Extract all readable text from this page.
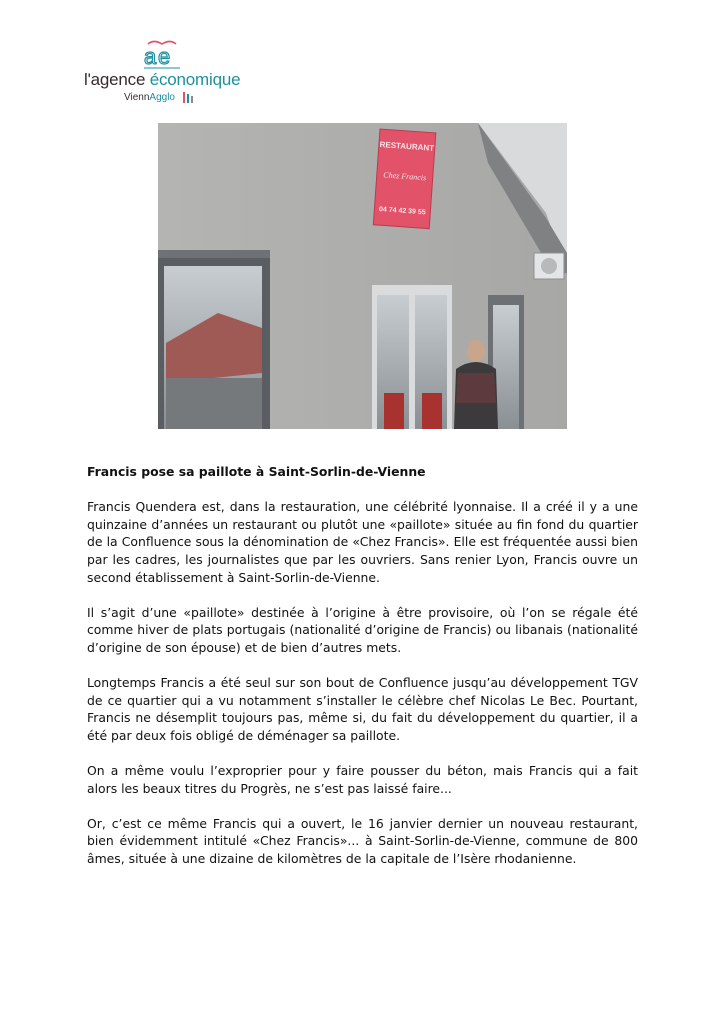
a e
l'agence économique
ViennAgglo
RESTAURANT
Chez Francis
04 74 42 39 55
Francis pose sa paillote à Saint-Sorlin-de-Vienne

Francis Quendera est, dans la restauration, une célébrité lyonnaise. Il a créé il y a une quinzaine d’années un restaurant ou plutôt une «paillote» située au fin fond du quartier de la Confluence sous la dénomination de «Chez Francis». Elle est fréquentée aussi bien par les cadres, les journalistes que par les ouvriers. Sans renier Lyon, Francis ouvre un second établissement à Saint-Sorlin-de-Vienne.

Il s’agit d’une «paillote» destinée à l’origine à être provisoire, où l’on se régale été comme hiver de plats portugais (nationalité d’origine de Francis) ou libanais (nationalité d’origine de son épouse) et de bien d’autres mets.

Longtemps Francis a été seul sur son bout de Confluence jusqu’au développement TGV de ce quartier qui a vu notamment s’installer le célèbre chef Nicolas Le Bec. Pourtant, Francis ne désemplit toujours pas, même si, du fait du développement du quartier, il a été par deux fois obligé de déménager sa paillote.

On a même voulu l’exproprier pour y faire pousser du béton, mais Francis qui a fait alors les beaux titres du Progrès, ne s’est pas laissé faire...

Or, c’est ce même Francis qui a ouvert, le 16 janvier dernier un nouveau restaurant, bien évidemment intitulé «Chez Francis»... à Saint-Sorlin-de-Vienne, commune de 800 âmes, située à une dizaine de kilomètres de la capitale de l’Isère rhodanienne.
